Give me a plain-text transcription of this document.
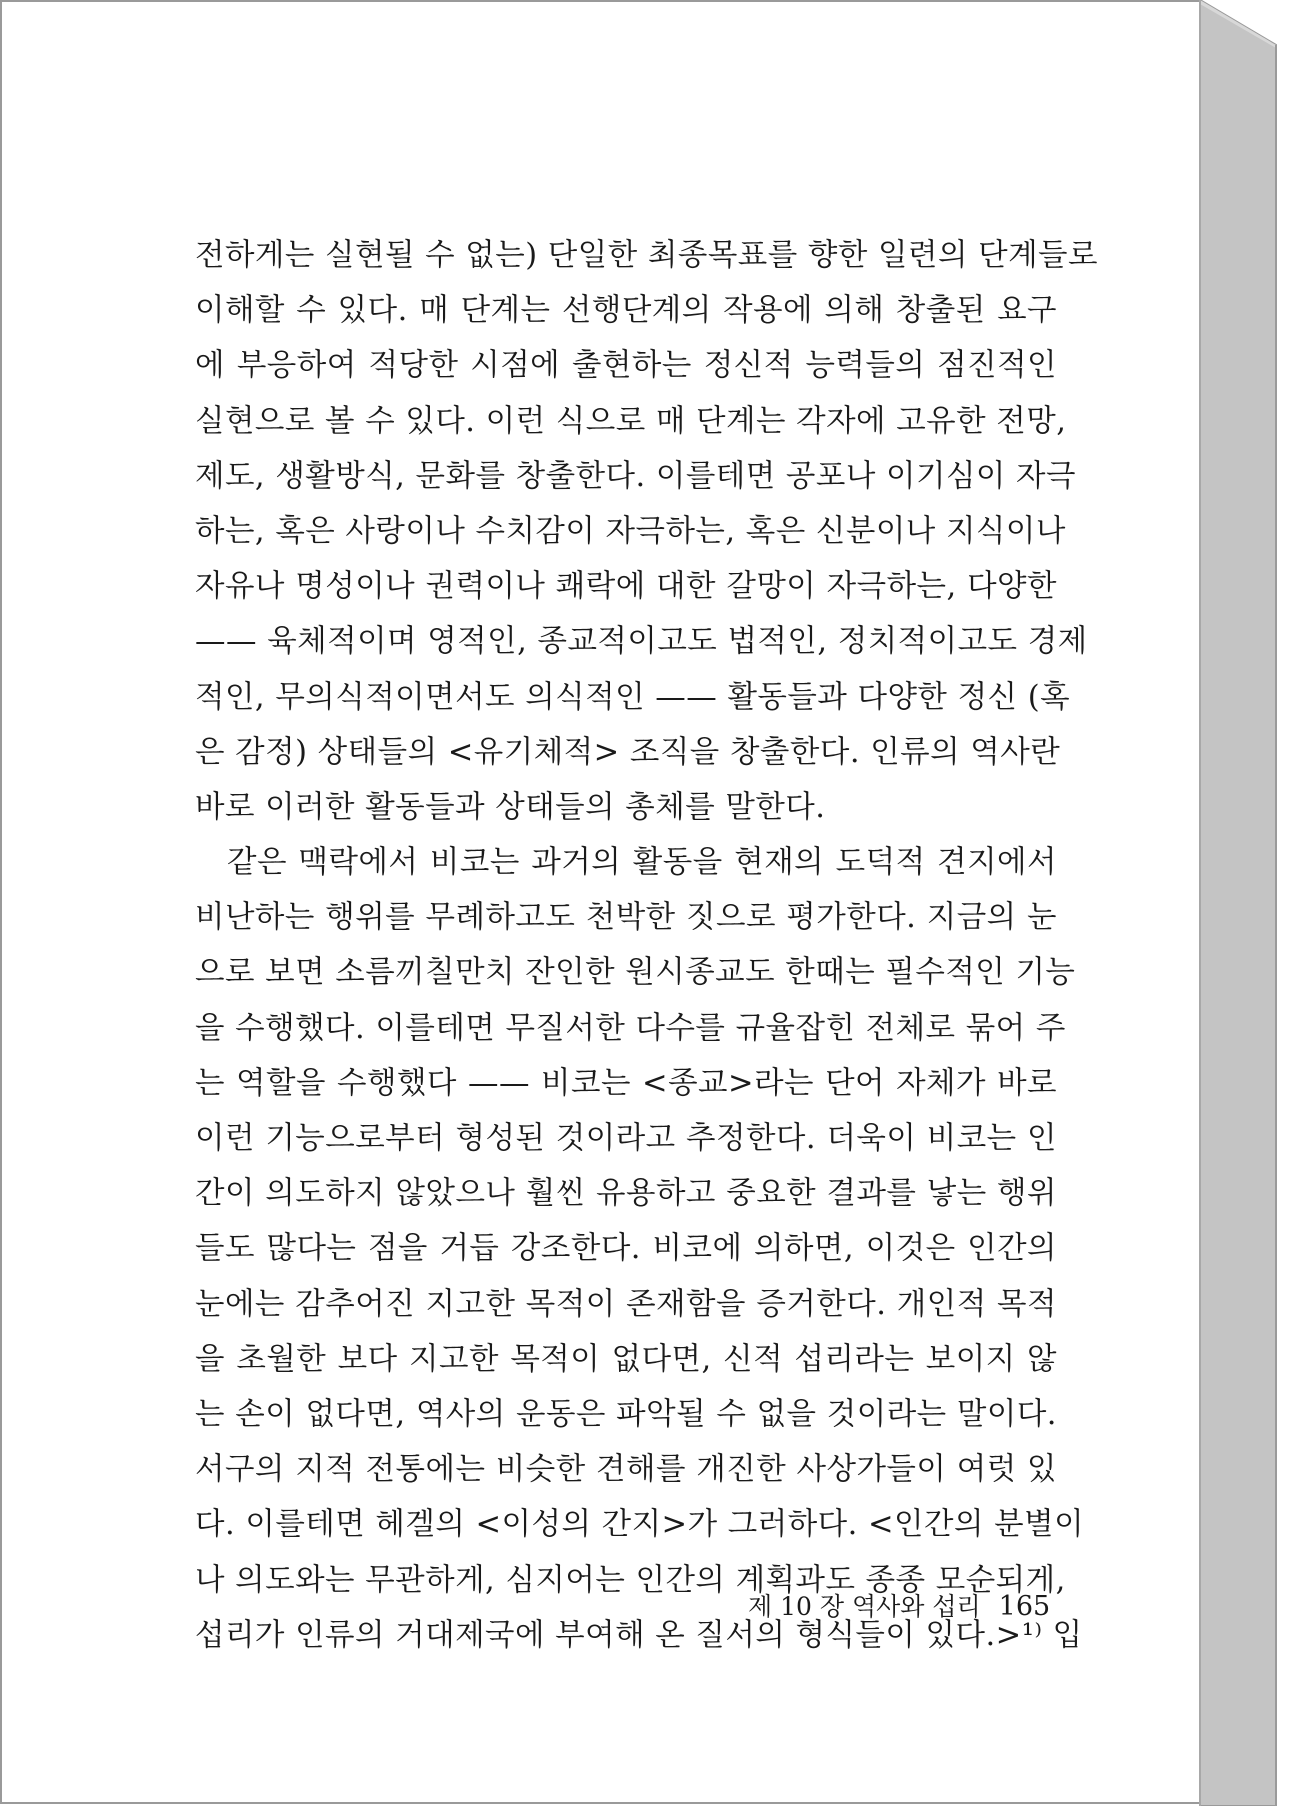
전하게는 실현될 수 없는) 단일한 최종목표를 향한 일련의 단계들로
이해할 수 있다. 매 단계는 선행단계의 작용에 의해 창출된 요구
에 부응하여 적당한 시점에 출현하는 정신적 능력들의 점진적인
실현으로 볼 수 있다. 이런 식으로 매 단계는 각자에 고유한 전망,
제도, 생활방식, 문화를 창출한다. 이를테면 공포나 이기심이 자극
하는, 혹은 사랑이나 수치감이 자극하는, 혹은 신분이나 지식이나
자유나 명성이나 권력이나 쾌락에 대한 갈망이 자극하는, 다양한
—— 육체적이며 영적인, 종교적이고도 법적인, 정치적이고도 경제
적인, 무의식적이면서도 의식적인 —— 활동들과 다양한 정신 (혹
은 감정) 상태들의 <유기체적> 조직을 창출한다. 인류의 역사란
바로 이러한 활동들과 상태들의 총체를 말한다.
같은 맥락에서 비코는 과거의 활동을 현재의 도덕적 견지에서
비난하는 행위를 무례하고도 천박한 짓으로 평가한다. 지금의 눈
으로 보면 소름끼칠만치 잔인한 원시종교도 한때는 필수적인 기능
을 수행했다. 이를테면 무질서한 다수를 규율잡힌 전체로 묶어 주
는 역할을 수행했다 —— 비코는 <종교>라는 단어 자체가 바로
이런 기능으로부터 형성된 것이라고 추정한다. 더욱이 비코는 인
간이 의도하지 않았으나 훨씬 유용하고 중요한 결과를 낳는 행위
들도 많다는 점을 거듭 강조한다. 비코에 의하면, 이것은 인간의
눈에는 감추어진 지고한 목적이 존재함을 증거한다. 개인적 목적
을 초월한 보다 지고한 목적이 없다면, 신적 섭리라는 보이지 않
는 손이 없다면, 역사의 운동은 파악될 수 없을 것이라는 말이다.
서구의 지적 전통에는 비슷한 견해를 개진한 사상가들이 여럿 있
다. 이를테면 헤겔의 <이성의 간지>가 그러하다. <인간의 분별이
나 의도와는 무관하게, 심지어는 인간의 계획과도 종종 모순되게,
섭리가 인류의 거대제국에 부여해 온 질서의 형식들이 있다.>¹⁾ 입
제 10 장 역사와 섭리 165
